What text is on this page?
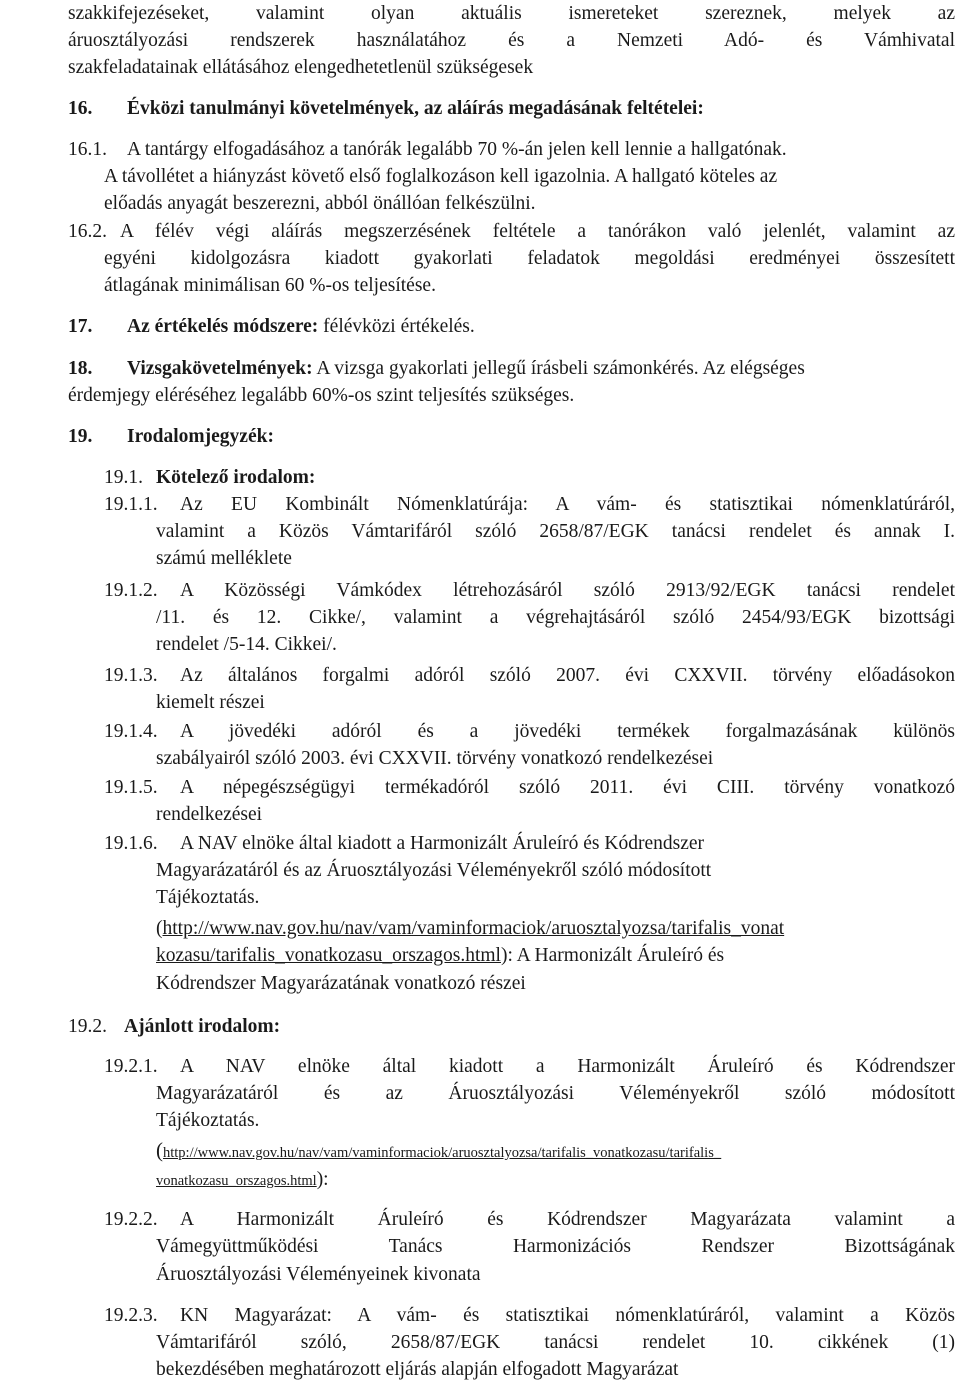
szakkifejezéseket, valamint olyan aktuális ismereteket szereznek, melyek az
áruosztályozási rendszerek használatához és a Nemzeti Adó- és Vámhivatal
szakfeladatainak ellátásához elengedhetetlenül szükségesek
16. Évközi tanulmányi követelmények, az aláírás megadásának feltételei:
16.1. A tantárgy elfogadásához a tanórák legalább 70 %-án jelen kell lennie a hallgatónak.
A távollétet a hiányzást követő első foglalkozáson kell igazolnia. A hallgató köteles az
előadás anyagát beszerezni, abból önállóan felkészülni.
16.2. A félév végi aláírás megszerzésének feltétele a tanórákon való jelenlét, valamint az
egyéni kidolgozásra kiadott gyakorlati feladatok megoldási eredményei összesített
átlagának minimálisan 60 %-os teljesítése.
17. Az értékelés módszere: félévközi értékelés.
18. Vizsgakövetelmények: A vizsga gyakorlati jellegű írásbeli számonkérés. Az elégséges
érdemjegy eléréséhez legalább 60%-os szint teljesítés szükséges.
19. Irodalomjegyzék:
19.1. Kötelező irodalom:
19.1.1. Az EU Kombinált Nómenklatúrája: A vám- és statisztikai nómenklatúráról,
valamint a Közös Vámtarifáról szóló 2658/87/EGK tanácsi rendelet és annak I.
számú melléklete
19.1.2. A Közösségi Vámkódex létrehozásáról szóló 2913/92/EGK tanácsi rendelet
/11. és 12. Cikke/, valamint a végrehajtásáról szóló 2454/93/EGK bizottsági
rendelet /5-14. Cikkei/.
19.1.3. Az általános forgalmi adóról szóló 2007. évi CXXVII. törvény előadásokon
kiemelt részei
19.1.4. A jövedéki adóról és a jövedéki termékek forgalmazásának különös
szabályairól szóló 2003. évi CXXVII. törvény vonatkozó rendelkezései
19.1.5. A népegészségügyi termékadóról szóló 2011. évi CIII. törvény vonatkozó
rendelkezései
19.1.6. A NAV elnöke által kiadott a Harmonizált Áruleíró és Kódrendszer
Magyarázatáról és az Áruosztályozási Véleményekről szóló módosított
Tájékoztatás.
(http://www.nav.gov.hu/nav/vam/vaminformaciok/aruosztalyozsa/tarifalis_vonat
kozasu/tarifalis_vonatkozasu_orszagos.html): A Harmonizált Áruleíró és
Kódrendszer Magyarázatának vonatkozó részei
19.2. Ajánlott irodalom:
19.2.1. A NAV elnöke által kiadott a Harmonizált Áruleíró és Kódrendszer
Magyarázatáról és az Áruosztályozási Véleményekről szóló módosított
Tájékoztatás.
(http://www.nav.gov.hu/nav/vam/vaminformaciok/aruosztalyozsa/tarifalis_vonatkozasu/tarifalis_
vonatkozasu_orszagos.html):
19.2.2. A Harmonizált Áruleíró és Kódrendszer Magyarázata valamint a
Vámegyüttműködési Tanács Harmonizációs Rendszer Bizottságának
Áruosztályozási Véleményeinek kivonata
19.2.3. KN Magyarázat: A vám- és statisztikai nómenklatúráról, valamint a Közös
Vámtarifáról szóló, 2658/87/EGK tanácsi rendelet 10. cikkének (1)
bekezdésében meghatározott eljárás alapján elfogadott Magyarázat
